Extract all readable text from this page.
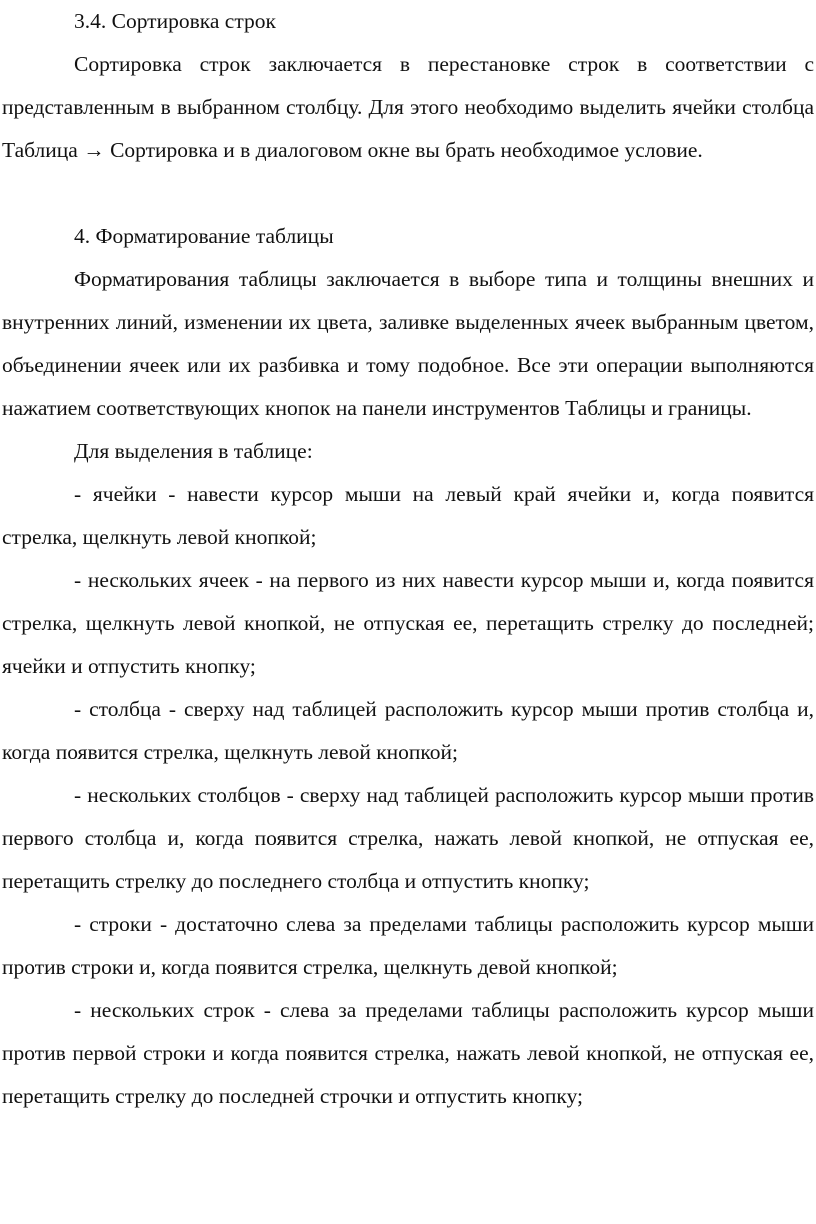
3.4. Сортировка строк

Сортировка строк заключается в перестановке строк в соответствии с представленным в выбранном столбцу. Для этого необходимо выделить ячейки столбца Таблица → Сортировка и в диалоговом окне вы брать необходимое условие.

4. Форматирование таблицы

Форматирования таблицы заключается в выборе типа и толщины внешних и внутренних линий, изменении их цвета, заливке выделенных ячеек выбранным цветом, объединении ячеек или их разбивка и тому подобное. Все эти операции выполняются нажатием соответствующих кнопок на панели инструментов Таблицы и границы.

Для выделения в таблице:

- ячейки - навести курсор мыши на левый край ячейки и, когда появится стрелка, щелкнуть левой кнопкой;

- нескольких ячеек - на первого из них навести курсор мыши и, когда появится стрелка, щелкнуть левой кнопкой, не отпуская ее, перетащить стрелку до последней; ячейки и отпустить кнопку;

- столбца - сверху над таблицей расположить курсор мыши против столбца и, когда появится стрелка, щелкнуть левой кнопкой;

- нескольких столбцов - сверху над таблицей расположить курсор мыши против первого столбца и, когда появится стрелка, нажать левой кнопкой, не отпуская ее, перетащить стрелку до последнего столбца и отпустить кнопку;

- строки - достаточно слева за пределами таблицы расположить курсор мыши против строки и, когда появится стрелка, щелкнуть девой кнопкой;

- нескольких строк - слева за пределами таблицы расположить курсор мыши против первой строки и когда появится стрелка, нажать левой кнопкой, не отпуская ее, перетащить стрелку до последней строчки и отпустить кнопку;
